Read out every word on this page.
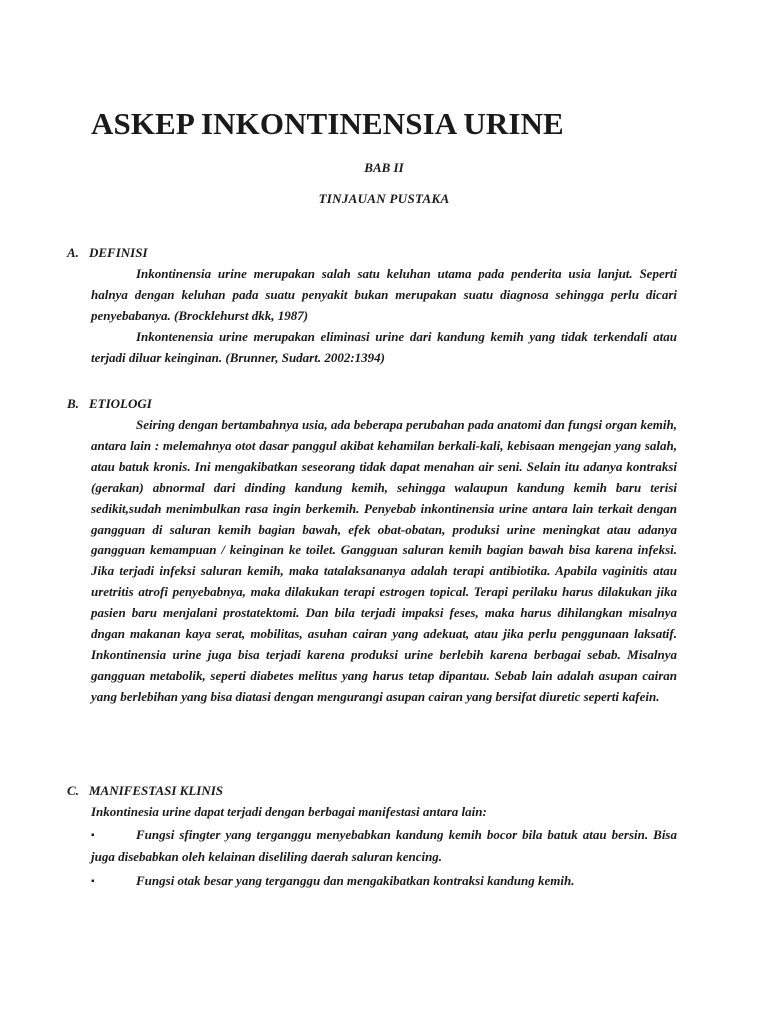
ASKEP INKONTINENSIA URINE
BAB II
TINJAUAN PUSTAKA
A. DEFINISI

Inkontinensia urine merupakan salah satu keluhan utama pada penderita usia lanjut. Seperti halnya dengan keluhan pada suatu penyakit bukan merupakan suatu diagnosa sehingga perlu dicari penyebabanya. (Brocklehurst dkk, 1987)

Inkontenensia urine merupakan eliminasi urine dari kandung kemih yang tidak terkendali atau terjadi diluar keinginan. (Brunner, Sudart. 2002:1394)

B. ETIOLOGI

Seiring dengan bertambahnya usia, ada beberapa perubahan pada anatomi dan fungsi organ kemih, antara lain : melemahnya otot dasar panggul akibat kehamilan berkali-kali, kebisaan mengejan yang salah, atau batuk kronis. Ini mengakibatkan seseorang tidak dapat menahan air seni. Selain itu adanya kontraksi (gerakan) abnormal dari dinding kandung kemih, sehingga walaupun kandung kemih baru terisi sedikit,sudah menimbulkan rasa ingin berkemih. Penyebab inkontinensia urine antara lain terkait dengan gangguan di saluran kemih bagian bawah, efek obat-obatan, produksi urine meningkat atau adanya gangguan kemampuan / keinginan ke toilet. Gangguan saluran kemih bagian bawah bisa karena infeksi. Jika terjadi infeksi saluran kemih, maka tatalaksananya adalah terapi antibiotika. Apabila vaginitis atau uretritis atrofi penyebabnya, maka dilakukan terapi estrogen topical. Terapi perilaku harus dilakukan jika pasien baru menjalani prostatektomi. Dan bila terjadi impaksi feses, maka harus dihilangkan misalnya dngan makanan kaya serat, mobilitas, asuhan cairan yang adekuat, atau jika perlu penggunaan laksatif. Inkontinensia urine juga bisa terjadi karena produksi urine berlebih karena berbagai sebab. Misalnya gangguan metabolik, seperti diabetes melitus yang harus tetap dipantau. Sebab lain adalah asupan cairan yang berlebihan yang bisa diatasi dengan mengurangi asupan cairan yang bersifat diuretic seperti kafein.

C. MANIFESTASI KLINIS

Inkontinesia urine dapat terjadi dengan berbagai manifestasi antara lain:

▪	Fungsi sfingter yang terganggu menyebabkan kandung kemih bocor bila batuk atau bersin. Bisa juga disebabkan oleh kelainan diseliling daerah saluran kencing.

▪	Fungsi otak besar yang terganggu dan mengakibatkan kontraksi kandung kemih.
